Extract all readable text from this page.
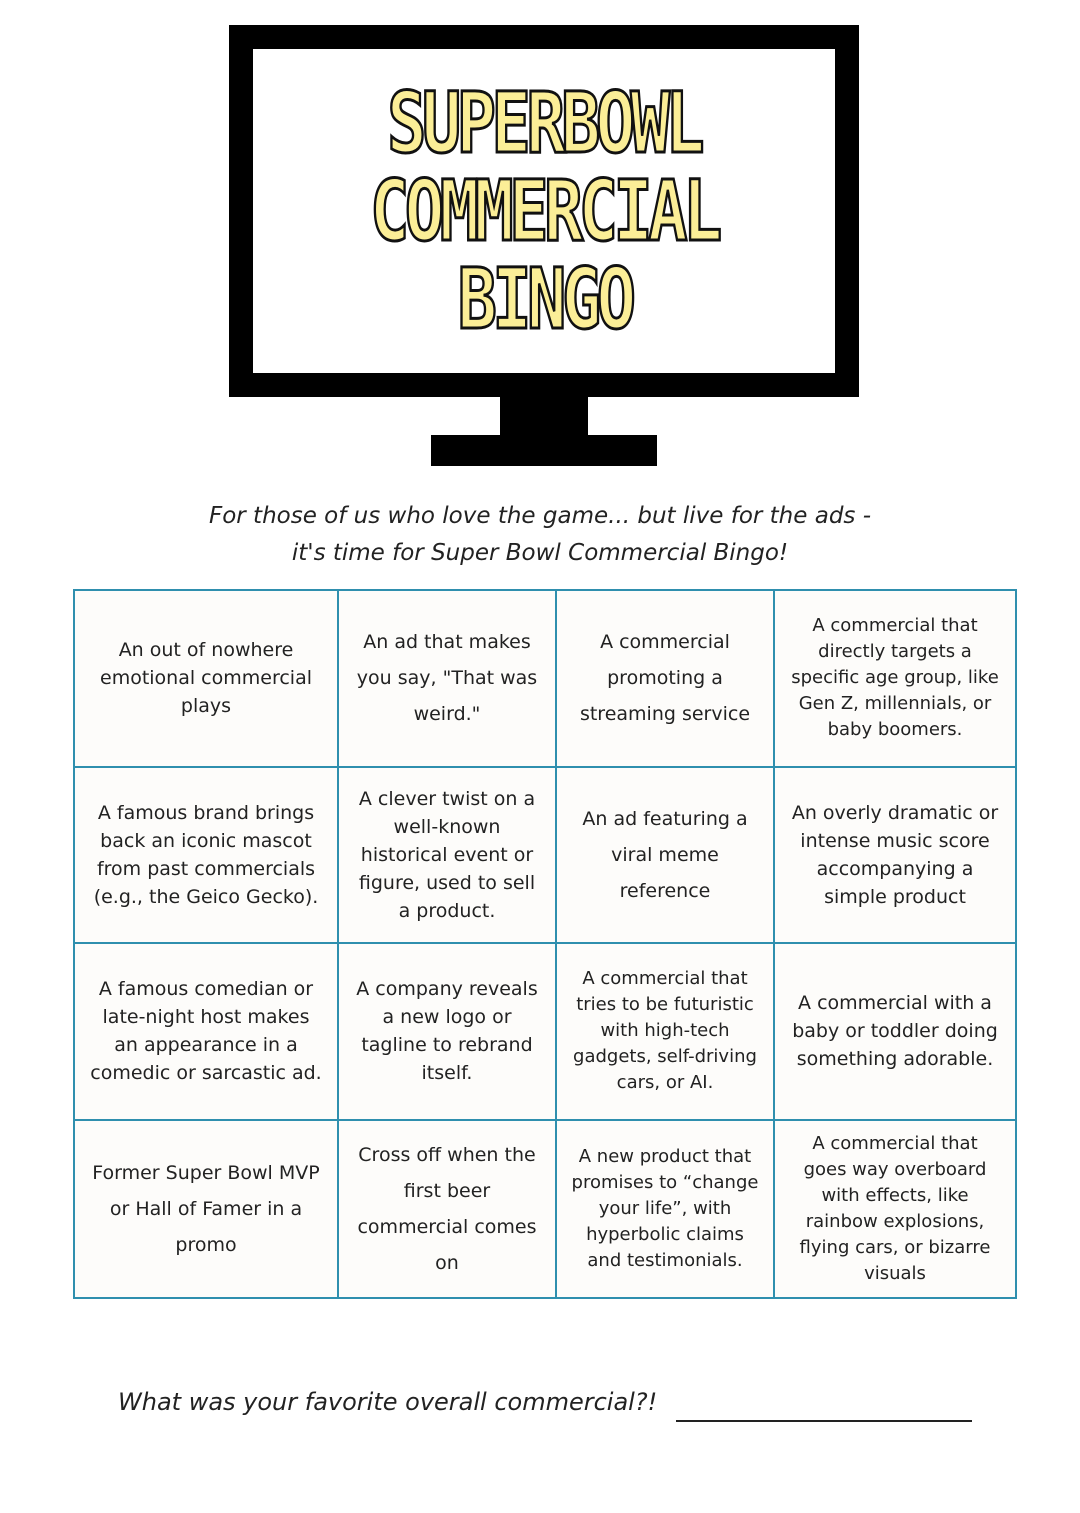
SUPERBOWL
COMMERCIAL
BINGO
For those of us who love the game... but live for the ads -
it's time for Super Bowl Commercial Bingo!
An out of nowhere emotional commercial plays
An ad that makes you say, "That was weird."
A commercial promoting a streaming service
A commercial that directly targets a specific age group, like Gen Z, millennials, or baby boomers.
A famous brand brings back an iconic mascot from past commercials (e.g., the Geico Gecko).
A clever twist on a well-known historical event or figure, used to sell a product.
An ad featuring a viral meme reference
An overly dramatic or intense music score accompanying a simple product
A famous comedian or late-night host makes an appearance in a comedic or sarcastic ad.
A company reveals a new logo or tagline to rebrand itself.
A commercial that tries to be futuristic with high-tech gadgets, self-driving cars, or AI.
A commercial with a baby or toddler doing something adorable.
Former Super Bowl MVP or Hall of Famer in a promo
Cross off when the first beer commercial comes on
A new product that promises to “change your life”, with hyperbolic claims and testimonials.
A commercial that goes way overboard with effects, like rainbow explosions, flying cars, or bizarre visuals
What was your favorite overall commercial?!
